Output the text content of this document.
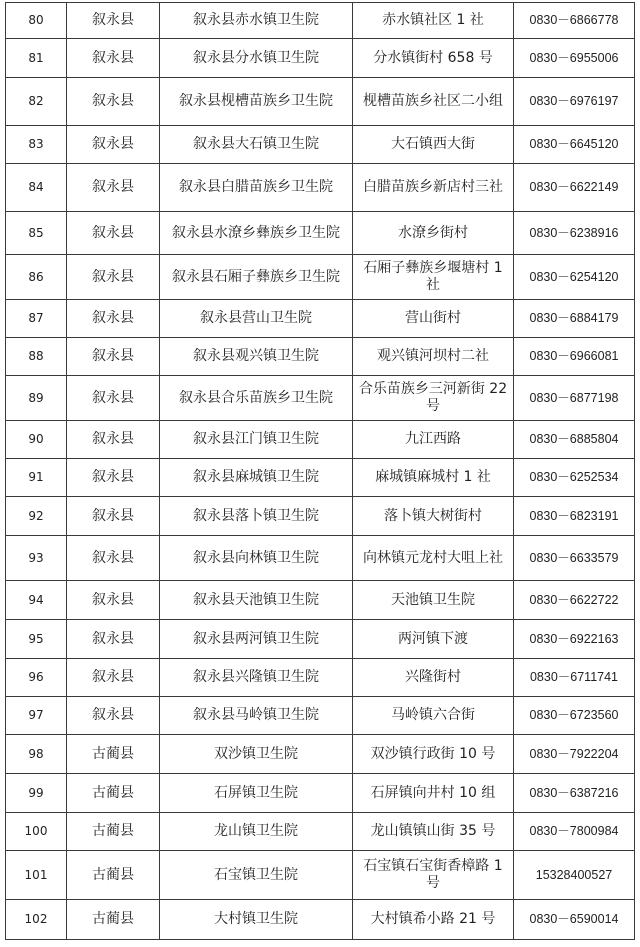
80	叙永县	叙永县赤水镇卫生院	赤水镇社区 1 社	0830－6866778
81	叙永县	叙永县分水镇卫生院	分水镇街村 658 号	0830－6955006
82	叙永县	叙永县枧槽苗族乡卫生院	枧槽苗族乡社区二小组	0830－6976197
83	叙永县	叙永县大石镇卫生院	大石镇西大街	0830－6645120
84	叙永县	叙永县白腊苗族乡卫生院	白腊苗族乡新店村三社	0830－6622149
85	叙永县	叙永县水潦乡彝族乡卫生院	水潦乡街村	0830－6238916
86	叙永县	叙永县石厢子彝族乡卫生院	石厢子彝族乡堰塘村 1 社	0830－6254120
87	叙永县	叙永县营山卫生院	营山街村	0830－6884179
88	叙永县	叙永县观兴镇卫生院	观兴镇河坝村二社	0830－6966081
89	叙永县	叙永县合乐苗族乡卫生院	合乐苗族乡三河新街 22 号	0830－6877198
90	叙永县	叙永县江门镇卫生院	九江西路	0830－6885804
91	叙永县	叙永县麻城镇卫生院	麻城镇麻城村 1 社	0830－6252534
92	叙永县	叙永县落卜镇卫生院	落卜镇大树街村	0830－6823191
93	叙永县	叙永县向林镇卫生院	向林镇元龙村大咀上社	0830－6633579
94	叙永县	叙永县天池镇卫生院	天池镇卫生院	0830－6622722
95	叙永县	叙永县两河镇卫生院	两河镇下渡	0830－6922163
96	叙永县	叙永县兴隆镇卫生院	兴隆街村	0830－6711741
97	叙永县	叙永县马岭镇卫生院	马岭镇六合街	0830－6723560
98	古蔺县	双沙镇卫生院	双沙镇行政街 10 号	0830－7922204
99	古蔺县	石屏镇卫生院	石屏镇向井村 10 组	0830－6387216
100	古蔺县	龙山镇卫生院	龙山镇镇山街 35 号	0830－7800984
101	古蔺县	石宝镇卫生院	石宝镇石宝街香樟路 1 号	15328400527
102	古蔺县	大村镇卫生院	大村镇希小路 21 号	0830－6590014
